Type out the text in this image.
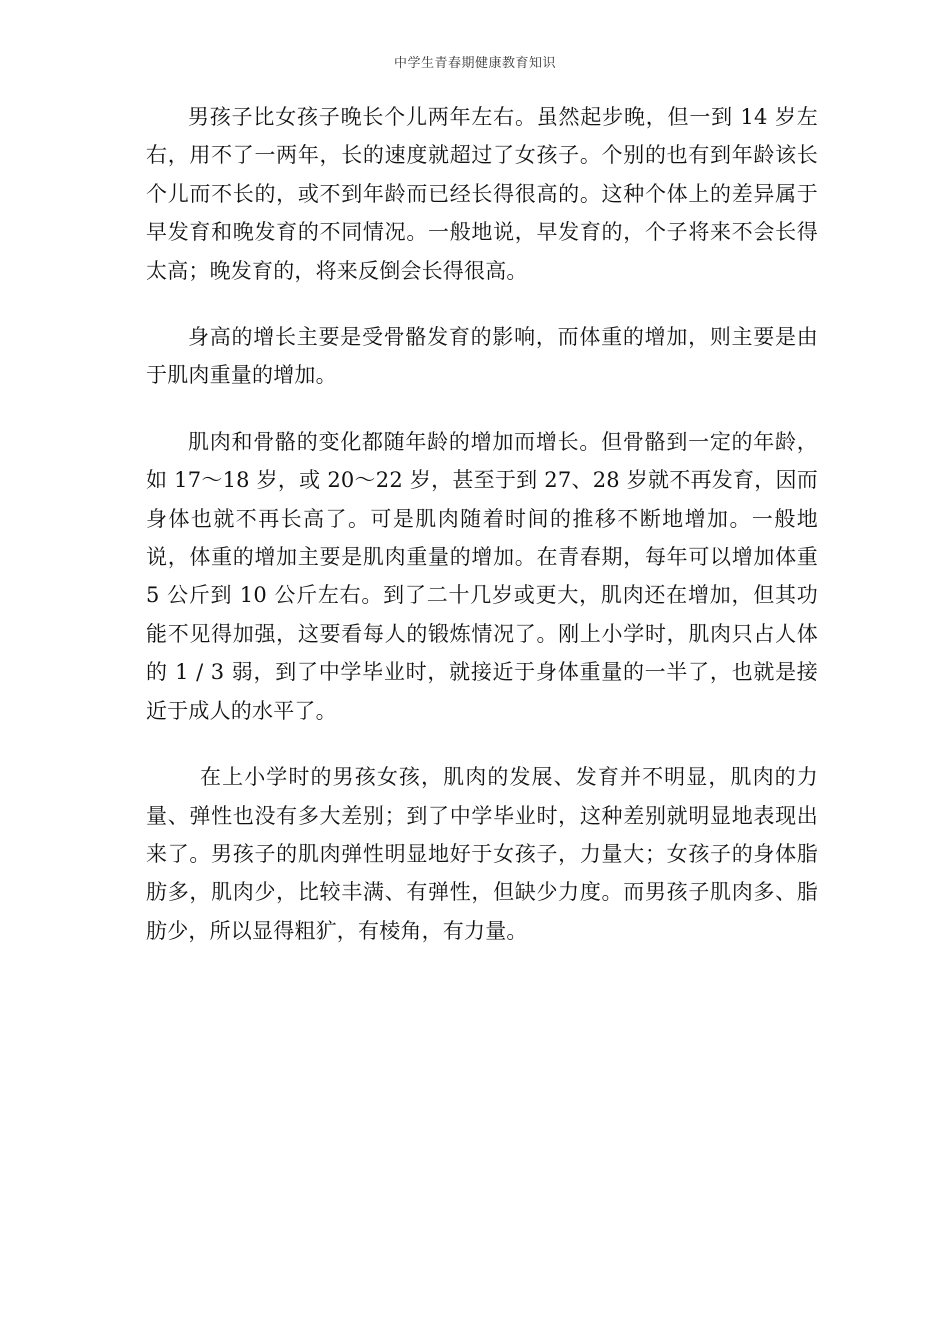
中学生青春期健康教育知识

男孩子比女孩子晚长个儿两年左右。虽然起步晚，但一到 14 岁左右，用不了一两年，长的速度就超过了女孩子。个别的也有到年龄该长个儿而不长的，或不到年龄而已经长得很高的。这种个体上的差异属于早发育和晚发育的不同情况。一般地说，早发育的，个子将来不会长得太高；晚发育的，将来反倒会长得很高。

身高的增长主要是受骨骼发育的影响，而体重的增加，则主要是由于肌肉重量的增加。

肌肉和骨骼的变化都随年龄的增加而增长。但骨骼到一定的年龄，如 17～18 岁，或 20～22 岁，甚至于到 27、28 岁就不再发育，因而身体也就不再长高了。可是肌肉随着时间的推移不断地增加。一般地说，体重的增加主要是肌肉重量的增加。在青春期，每年可以增加体重 5 公斤到 10 公斤左右。到了二十几岁或更大，肌肉还在增加，但其功能不见得加强，这要看每人的锻炼情况了。刚上小学时，肌肉只占人体的 1 / 3 弱，到了中学毕业时，就接近于身体重量的一半了，也就是接近于成人的水平了。

在上小学时的男孩女孩，肌肉的发展、发育并不明显，肌肉的力量、弹性也没有多大差别；到了中学毕业时，这种差别就明显地表现出来了。男孩子的肌肉弹性明显地好于女孩子，力量大；女孩子的身体脂肪多，肌肉少，比较丰满、有弹性，但缺少力度。而男孩子肌肉多、脂肪少，所以显得粗犷，有棱角，有力量。
